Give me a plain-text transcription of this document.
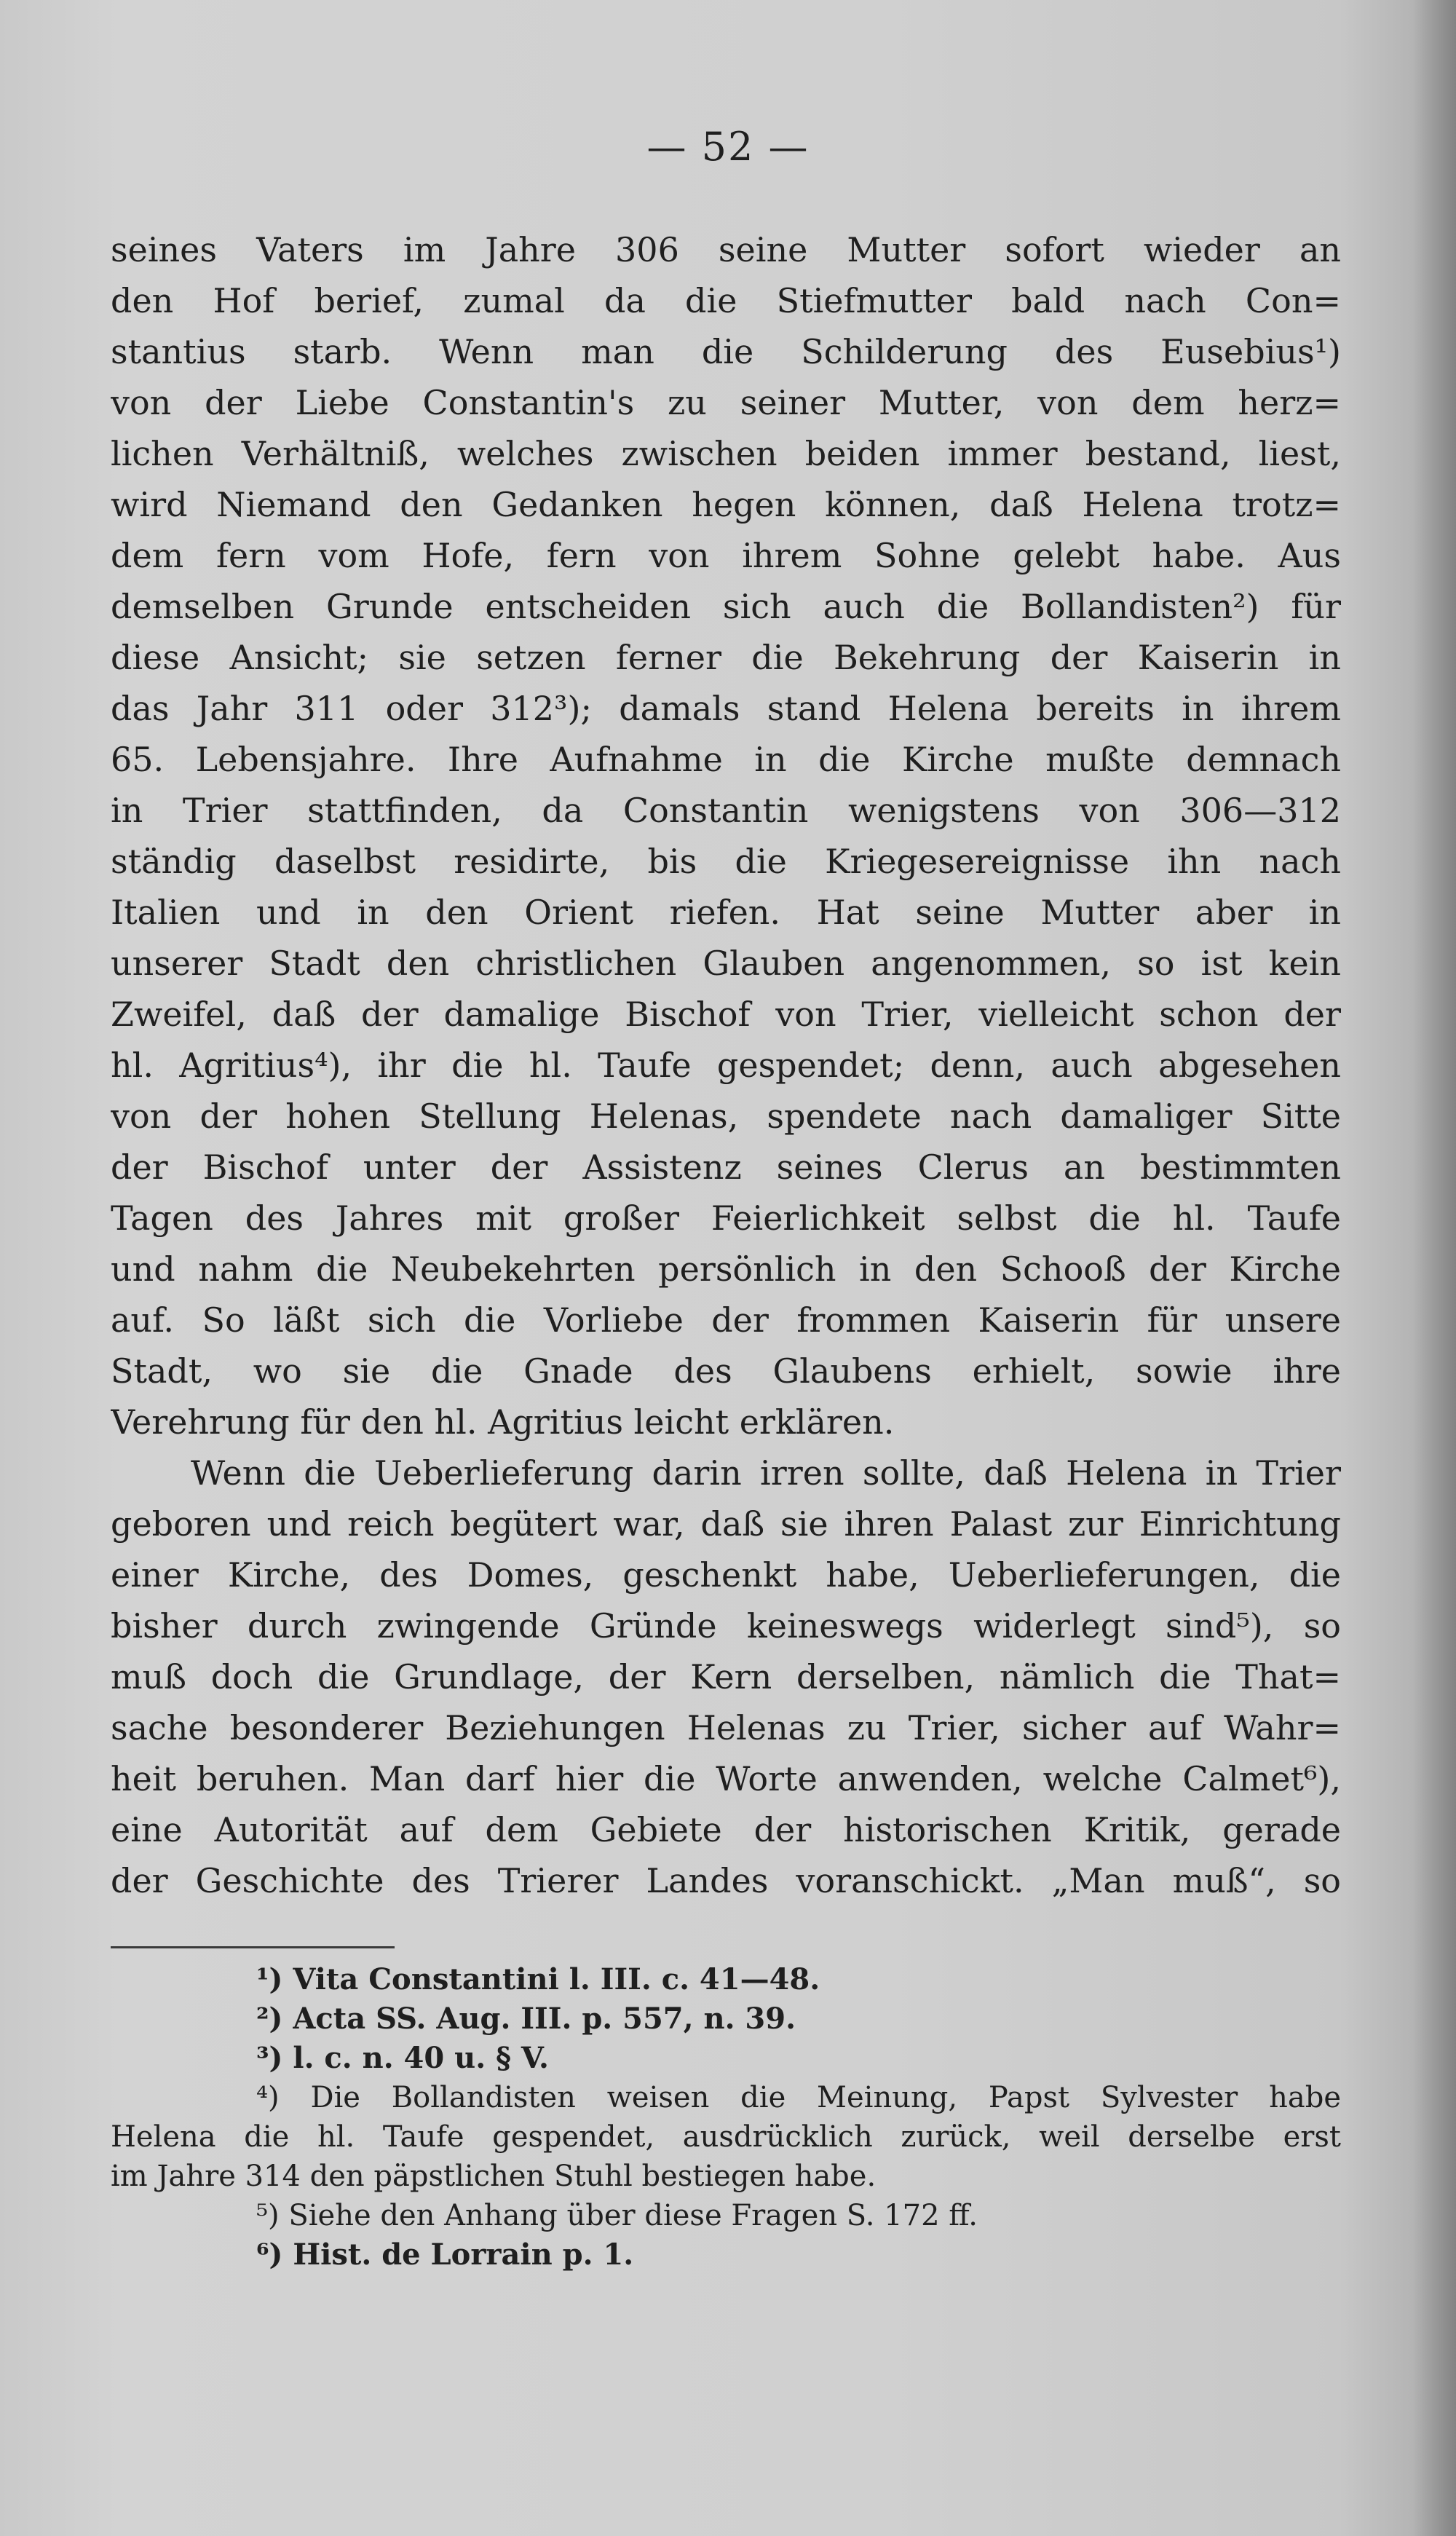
— 52 —
seines Vaters im Jahre 306 seine Mutter sofort wieder an
den Hof berief, zumal da die Stiefmutter bald nach Con=
stantius starb. Wenn man die Schilderung des Eusebius¹)
von der Liebe Constantin's zu seiner Mutter, von dem herz=
lichen Verhältniß, welches zwischen beiden immer bestand, liest,
wird Niemand den Gedanken hegen können, daß Helena trotz=
dem fern vom Hofe, fern von ihrem Sohne gelebt habe. Aus
demselben Grunde entscheiden sich auch die Bollandisten²) für
diese Ansicht; sie setzen ferner die Bekehrung der Kaiserin in
das Jahr 311 oder 312³); damals stand Helena bereits in ihrem
65. Lebensjahre. Ihre Aufnahme in die Kirche mußte demnach
in Trier stattfinden, da Constantin wenigstens von 306—312
ständig daselbst residirte, bis die Kriegesereignisse ihn nach
Italien und in den Orient riefen. Hat seine Mutter aber in
unserer Stadt den christlichen Glauben angenommen, so ist kein
Zweifel, daß der damalige Bischof von Trier, vielleicht schon der
hl. Agritius⁴), ihr die hl. Taufe gespendet; denn, auch abgesehen
von der hohen Stellung Helenas, spendete nach damaliger Sitte
der Bischof unter der Assistenz seines Clerus an bestimmten
Tagen des Jahres mit großer Feierlichkeit selbst die hl. Taufe
und nahm die Neubekehrten persönlich in den Schooß der Kirche
auf. So läßt sich die Vorliebe der frommen Kaiserin für unsere
Stadt, wo sie die Gnade des Glaubens erhielt, sowie ihre
Verehrung für den hl. Agritius leicht erklären.
Wenn die Ueberlieferung darin irren sollte, daß Helena in Trier
geboren und reich begütert war, daß sie ihren Palast zur Einrichtung
einer Kirche, des Domes, geschenkt habe, Ueberlieferungen, die
bisher durch zwingende Gründe keineswegs widerlegt sind⁵), so
muß doch die Grundlage, der Kern derselben, nämlich die That=
sache besonderer Beziehungen Helenas zu Trier, sicher auf Wahr=
heit beruhen. Man darf hier die Worte anwenden, welche Calmet⁶),
eine Autorität auf dem Gebiete der historischen Kritik, gerade
der Geschichte des Trierer Landes voranschickt. „Man muß“, so
¹) Vita Constantini l. III. c. 41—48.
²) Acta SS. Aug. III. p. 557, n. 39.
³) l. c. n. 40 u. § V.
⁴) Die Bollandisten weisen die Meinung, Papst Sylvester habe
Helena die hl. Taufe gespendet, ausdrücklich zurück, weil derselbe erst
im Jahre 314 den päpstlichen Stuhl bestiegen habe.
⁵) Siehe den Anhang über diese Fragen S. 172 ff.
⁶) Hist. de Lorrain p. 1.
